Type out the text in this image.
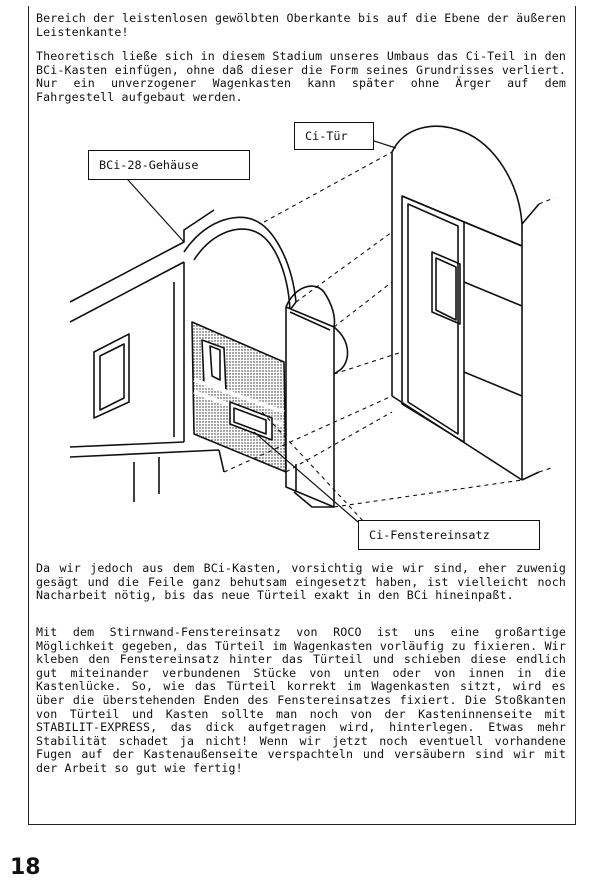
Bereich der leistenlosen gewölbten Oberkante bis auf die Ebene der äußeren Leistenkante!

Theoretisch ließe sich in diesem Stadium unseres Umbaus das Ci-Teil in den BCi-Kasten einfügen, ohne daß dieser die Form seines Grundrisses verliert. Nur ein unverzogener Wagenkasten kann später ohne Ärger auf dem Fahrgestell aufgebaut werden.

BCi-28-Gehäuse
Ci-Tür
Ci-Fenstereinsatz

Da wir jedoch aus dem BCi-Kasten, vorsichtig wie wir sind, eher zuwenig gesägt und die Feile ganz behutsam eingesetzt haben, ist vielleicht noch Nacharbeit nötig, bis das neue Türteil exakt in den BCi hineinpaßt.

Mit dem Stirnwand-Fenstereinsatz von ROCO ist uns eine großartige Möglichkeit gegeben, das Türteil im Wagenkasten vorläufig zu fixieren. Wir kleben den Fenstereinsatz hinter das Türteil und schieben diese endlich gut miteinander verbundenen Stücke von unten oder von innen in die Kastenlücke. So, wie das Türteil korrekt im Wagenkasten sitzt, wird es über die überstehenden Enden des Fenstereinsatzes fixiert. Die Stoßkanten von Türteil und Kasten sollte man noch von der Kasteninnenseite mit STABILIT-EXPRESS, das dick aufgetragen wird, hinterlegen. Etwas mehr Stabilität schadet ja nicht! Wenn wir jetzt noch eventuell vorhandene Fugen auf der Kastenaußenseite verspachteln und versäubern sind wir mit der Arbeit so gut wie fertig!

18
